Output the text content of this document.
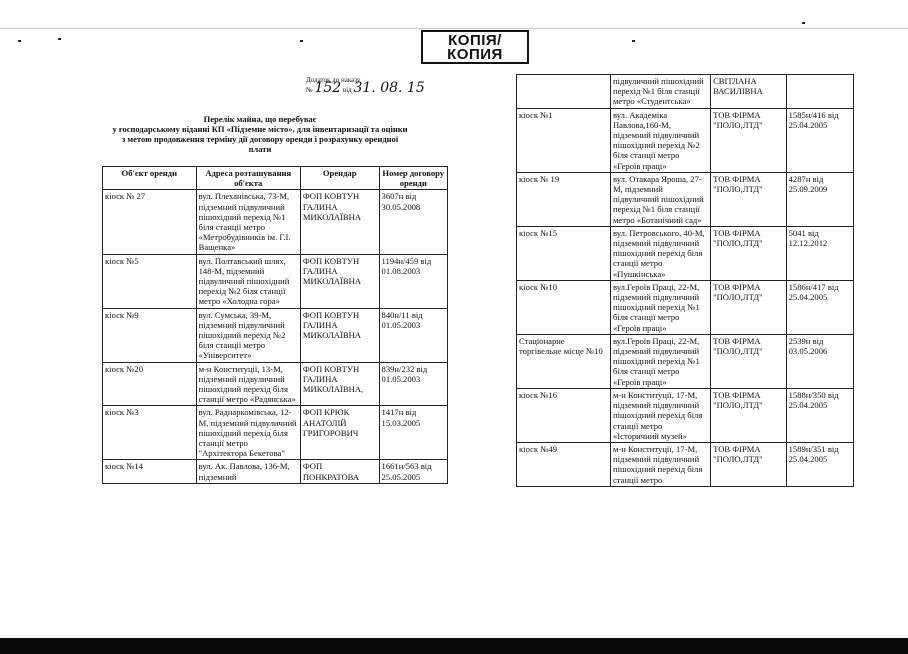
КОПІЯ/
КОПИЯ
Додаток до наказу
№ 152 від 31. 08. 15
Перелік майна, що перебуває
у господарському віданні КП «Підземне місто», для інвентаризації та оцінки
з метою продовження терміну дії договору оренди і розрахунку орендної
плати
Об'єкт оренди	Адреса розташування об'єкта	Орендар	Номер договору оренди
кіоск № 27	вул. Плеханівська, 73-М, підземний підвуличний пішохідний перехід №1 біля станції метро «Метробудівників ім. Г.І. Ващенка»	ФОП КОВТУН ГАЛИНА МИКОЛАЇВНА	3607н від 30.05.2008
кіоск №5	вул. Полтавський шлях, 148-М, підземний підвуличний пішохідний перехід №2 біля станції метро «Холодна гора»	ФОП КОВТУН ГАЛИНА МИКОЛАЇВНА	1194н/459 від 01.08.2003
кіоск №9	вул. Сумська, 39-М, підземний підвуличний пішохідний перехід №2 біля станції метро «Університет»	ФОП КОВТУН ГАЛИНА МИКОЛАЇВНА	840н/11 від 01.05.2003
кіоск №20	м-н Конституції, 13-М, підземний підвуличний пішохідний перехід біля станції метро «Радянська»	ФОП КОВТУН ГАЛИНА МИКОЛАЇВНА,	839н/232 від 01.05.2003
кіоск №3	вул. Раднаркомівська, 12-М, підземний підвуличний пішохідний перехід біля станції метро "Архітектора Бекетова"	ФОП КРЮК АНАТОЛІЙ ГРИГОРОВИЧ	1417н від 15.03.2005
кіоск №14	вул. Ак. Павлова, 136-М, підземний	ФОП ПОНКРАТОВА	1661н/563 від 25.05.2005
	підвуличний пішохідний перехід №1 біля станції метро «Студентська»	СВІТЛАНА ВАСИЛІВНА	
кіоск №1	вул. Академіка Павлова,160-М, підземний підвуличний пішохідний перехід №2 біля станції метро «Героїв праці»	ТОВ ФІРМА "ПОЛО,ЛТД"	1585н/416 від 25.04.2005
кіоск № 19	вул. Отакара Яроша, 27-М, підземний підвуличний пішохідний перехід №1 біля станції метро «Ботанічний сад»	ТОВ ФІРМА "ПОЛО,ЛТД"	4287н від 25.09.2009
кіоск №15	вул. Петровського, 40-М, підземний підвуличний пішохідний перехід біля станції метро «Пушкінська»	ТОВ ФІРМА "ПОЛО,ЛТД"	5041 від 12.12.2012
кіоск №10	вул.Героїв Праці, 22-М, підземний підвуличний пішохідний перехід №1 біля станції метро «Героїв праці»	ТОВ ФІРМА "ПОЛО,ЛТД"	1586н/417 від 25.04.2005
Стаціонарне торгівельне місце №10	вул.Героїв Праці, 22-М, підземний підвуличний пішохідний перехід №1 біля станції метро «Героїв праці»	ТОВ ФІРМА "ПОЛО,ЛТД"	2539н від 03.05.2006
кіоск №16	м-н Конституції, 17-М, підземний підвуличний пішохідний перехід біля станції метро «Історичний музей»	ТОВ ФІРМА "ПОЛО,ЛТД"	1588н/350 від 25.04.2005
кіоск №49	м-н Конституції, 17-М, підземний підвуличний пішохідний перехід біля станції метро	ТОВ ФІРМА "ПОЛО,ЛТД"	1589н/351 від 25.04.2005
